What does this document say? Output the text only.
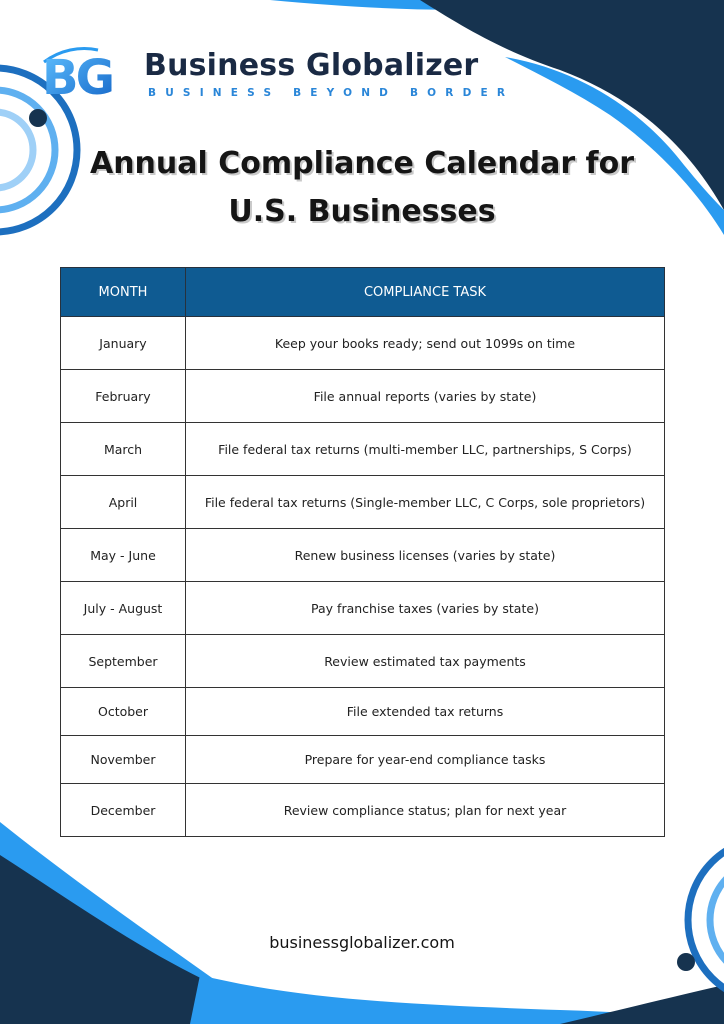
BG Business Globalizer
BUSINESS BEYOND BORDER
Annual Compliance Calendar for U.S. Businesses
MONTH	COMPLIANCE TASK
January	Keep your books ready; send out 1099s on time
February	File annual reports (varies by state)
March	File federal tax returns (multi-member LLC, partnerships, S Corps)
April	File federal tax returns (Single-member LLC, C Corps, sole proprietors)
May - June	Renew business licenses (varies by state)
July - August	Pay franchise taxes (varies by state)
September	Review estimated tax payments
October	File extended tax returns
November	Prepare for year-end compliance tasks
December	Review compliance status; plan for next year
businessglobalizer.com
